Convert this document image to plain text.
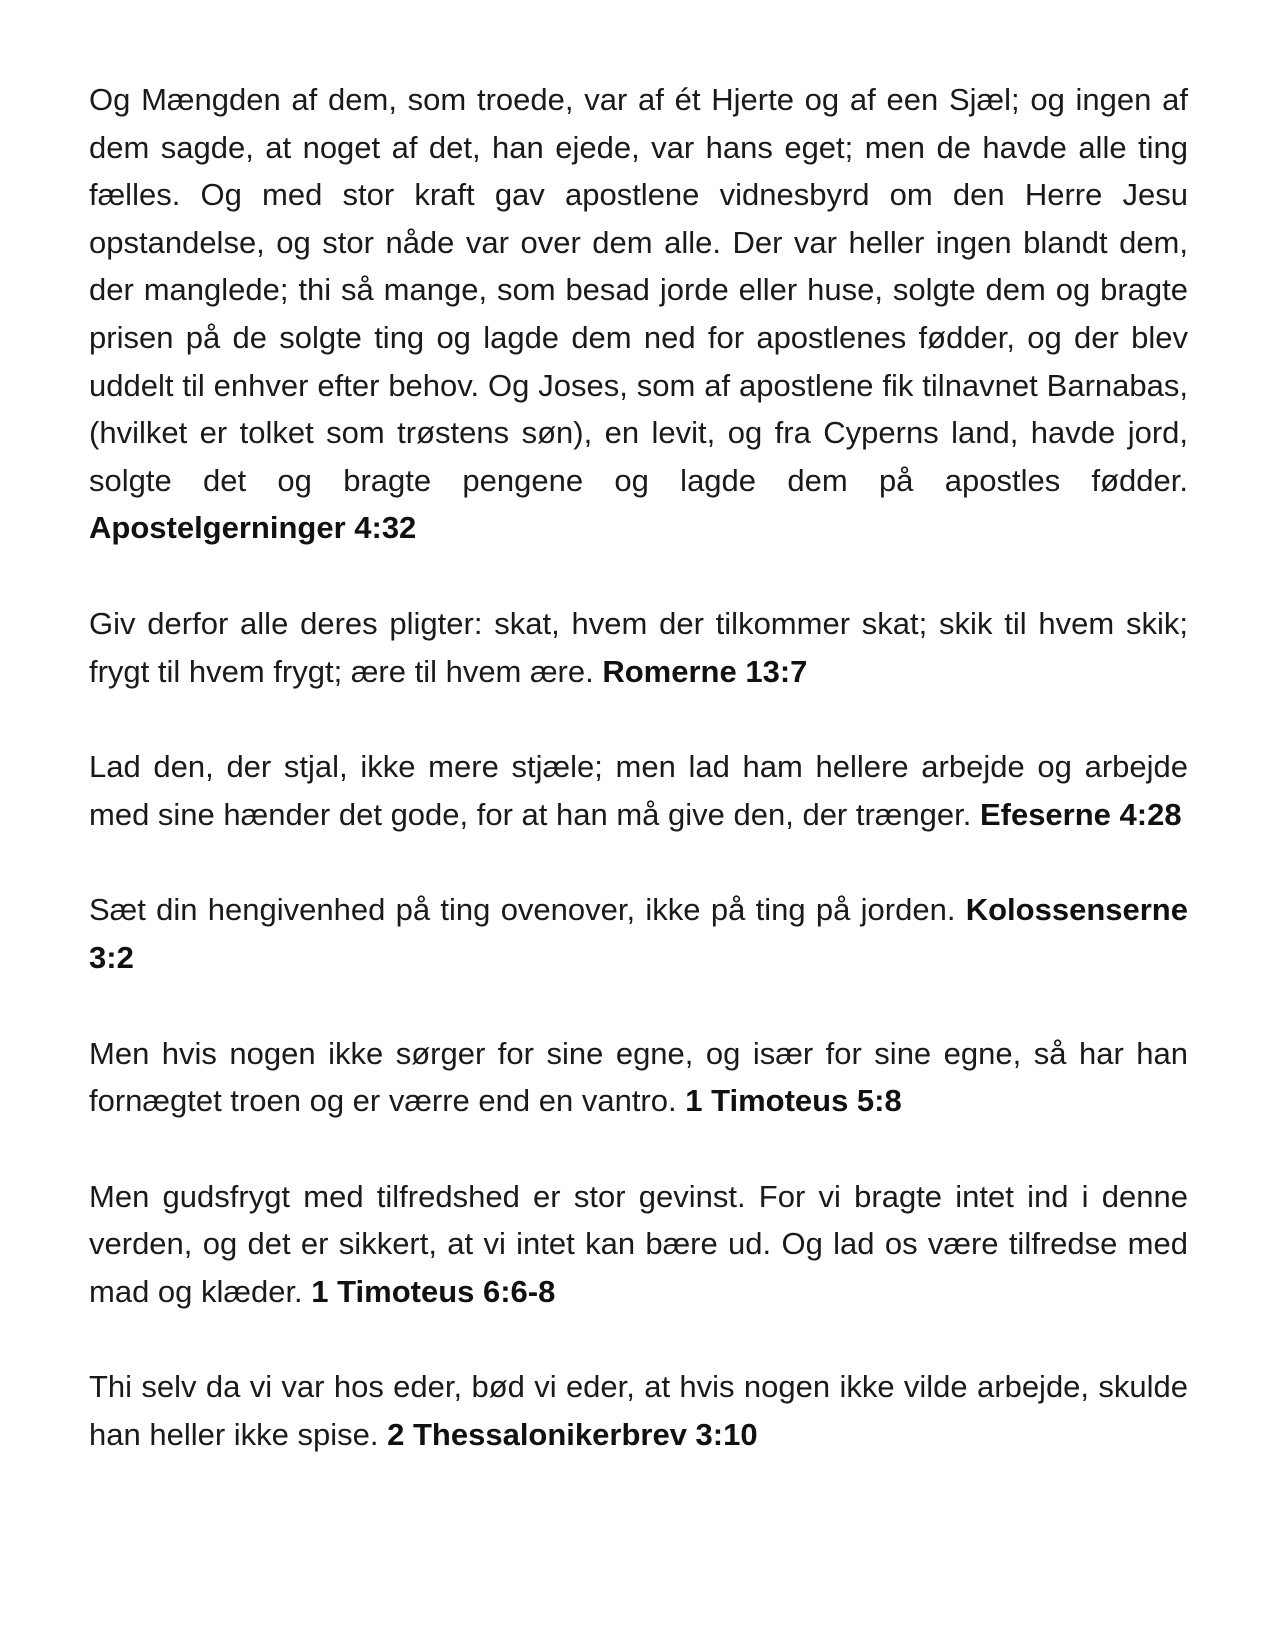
Og Mængden af dem, som troede, var af ét Hjerte og af een Sjæl; og ingen af dem sagde, at noget af det, han ejede, var hans eget; men de havde alle ting fælles. Og med stor kraft gav apostlene vidnesbyrd om den Herre Jesu opstandelse, og stor nåde var over dem alle. Der var heller ingen blandt dem, der manglede; thi så mange, som besad jorde eller huse, solgte dem og bragte prisen på de solgte ting og lagde dem ned for apostlenes fødder, og der blev uddelt til enhver efter behov. Og Joses, som af apostlene fik tilnavnet Barnabas, (hvilket er tolket som trøstens søn), en levit, og fra Cyperns land, havde jord, solgte det og bragte pengene og lagde dem på apostles fødder. Apostelgerninger 4:32

Giv derfor alle deres pligter: skat, hvem der tilkommer skat; skik til hvem skik; frygt til hvem frygt; ære til hvem ære. Romerne 13:7

Lad den, der stjal, ikke mere stjæle; men lad ham hellere arbejde og arbejde med sine hænder det gode, for at han må give den, der trænger. Efeserne 4:28

Sæt din hengivenhed på ting ovenover, ikke på ting på jorden. Kolossenserne 3:2

Men hvis nogen ikke sørger for sine egne, og især for sine egne, så har han fornægtet troen og er værre end en vantro. 1 Timoteus 5:8

Men gudsfrygt med tilfredshed er stor gevinst. For vi bragte intet ind i denne verden, og det er sikkert, at vi intet kan bære ud. Og lad os være tilfredse med mad og klæder. 1 Timoteus 6:6-8

Thi selv da vi var hos eder, bød vi eder, at hvis nogen ikke vilde arbejde, skulde han heller ikke spise. 2 Thessalonikerbrev 3:10
